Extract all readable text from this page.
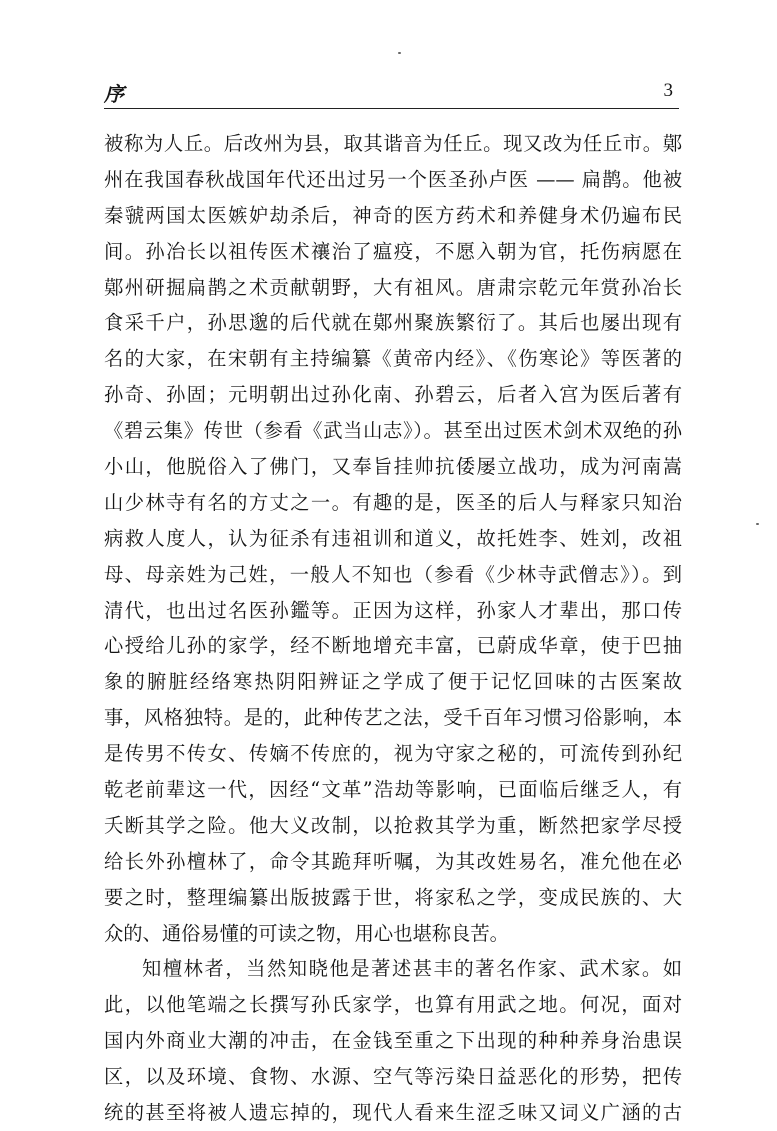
序	3
被称为人丘。后改州为县，取其谐音为任丘。现又改为任丘市。鄚
州在我国春秋战国年代还出过另一个医圣孙卢医 —— 扁鹊。他被
秦虢两国太医嫉妒劫杀后，神奇的医方药术和养健身术仍遍布民
间。孙冶长以祖传医术禳治了瘟疫，不愿入朝为官，托伤病愿在
鄚州研掘扁鹊之术贡献朝野，大有祖风。唐肃宗乾元年赏孙冶长
食采千户，孙思邈的后代就在鄚州聚族繁衍了。其后也屡出现有
名的大家，在宋朝有主持编纂《黄帝内经》、《伤寒论》等医著的
孙奇、孙固；元明朝出过孙化南、孙碧云，后者入宫为医后著有
《碧云集》传世（参看《武当山志》）。甚至出过医术剑术双绝的孙
小山，他脱俗入了佛门，又奉旨挂帅抗倭屡立战功，成为河南嵩
山少林寺有名的方丈之一。有趣的是，医圣的后人与释家只知治
病救人度人，认为征杀有违祖训和道义，故托姓李、姓刘，改祖
母、母亲姓为己姓，一般人不知也（参看《少林寺武僧志》）。到
清代，也出过名医孙鑑等。正因为这样，孙家人才辈出，那口传
心授给儿孙的家学，经不断地增充丰富，已蔚成华章，使于巴抽
象的腑脏经络寒热阴阳辨证之学成了便于记忆回味的古医案故
事，风格独特。是的，此种传艺之法，受千百年习惯习俗影响，本
是传男不传女、传嫡不传庶的，视为守家之秘的，可流传到孙纪
乾老前辈这一代，因经“文革”浩劫等影响，已面临后继乏人，有
夭断其学之险。他大义改制，以抢救其学为重，断然把家学尽授
给长外孙檀林了，命令其跪拜听嘱，为其改姓易名，准允他在必
要之时，整理编纂出版披露于世，将家私之学，变成民族的、大
众的、通俗易懂的可读之物，用心也堪称良苦。
知檀林者，当然知晓他是著述甚丰的著名作家、武术家。如
此，以他笔端之长撰写孙氏家学，也算有用武之地。何况，面对
国内外商业大潮的冲击，在金钱至重之下出现的种种养身治患误
区，以及环境、食物、水源、空气等污染日益恶化的形势，把传
统的甚至将被人遗忘掉的，现代人看来生涩乏味又词义广涵的古
